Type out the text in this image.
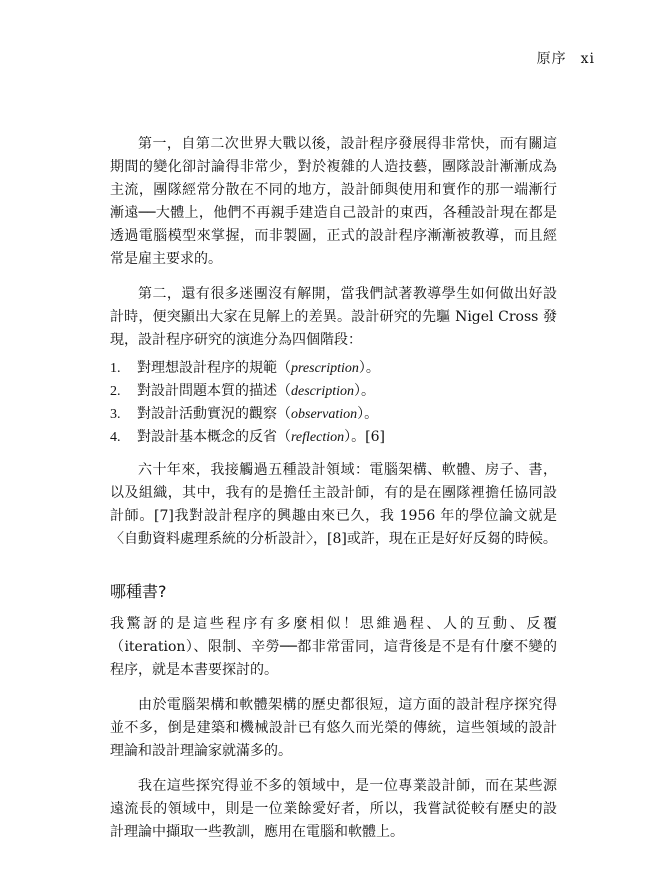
原序 xi

第一，自第二次世界大戰以後，設計程序發展得非常快，而有關這期間的變化卻討論得非常少，對於複雜的人造技藝，團隊設計漸漸成為主流，團隊經常分散在不同的地方，設計師與使用和實作的那一端漸行漸遠──大體上，他們不再親手建造自己設計的東西，各種設計現在都是透過電腦模型來掌握，而非製圖，正式的設計程序漸漸被教導，而且經常是雇主要求的。

第二，還有很多迷團沒有解開，當我們試著教導學生如何做出好設計時，便突顯出大家在見解上的差異。設計研究的先驅 Nigel Cross 發現，設計程序研究的演進分為四個階段：

1. 對理想設計程序的規範（prescription）。
2. 對設計問題本質的描述（description）。
3. 對設計活動實況的觀察（observation）。
4. 對設計基本概念的反省（reflection）。[6]

六十年來，我接觸過五種設計領域：電腦架構、軟體、房子、書，以及組織，其中，我有的是擔任主設計師，有的是在團隊裡擔任協同設計師。[7]我對設計程序的興趣由來已久，我 1956 年的學位論文就是〈自動資料處理系統的分析設計〉，[8]或許，現在正是好好反芻的時候。

哪種書?

我驚訝的是這些程序有多麼相似！思維過程、人的互動、反覆（iteration）、限制、辛勞──都非常雷同，這背後是不是有什麼不變的程序，就是本書要探討的。

由於電腦架構和軟體架構的歷史都很短，這方面的設計程序探究得並不多，倒是建築和機械設計已有悠久而光榮的傳統，這些領域的設計理論和設計理論家就滿多的。

我在這些探究得並不多的領域中，是一位專業設計師，而在某些源遠流長的領域中，則是一位業餘愛好者，所以，我嘗試從較有歷史的設計理論中擷取一些教訓，應用在電腦和軟體上。
